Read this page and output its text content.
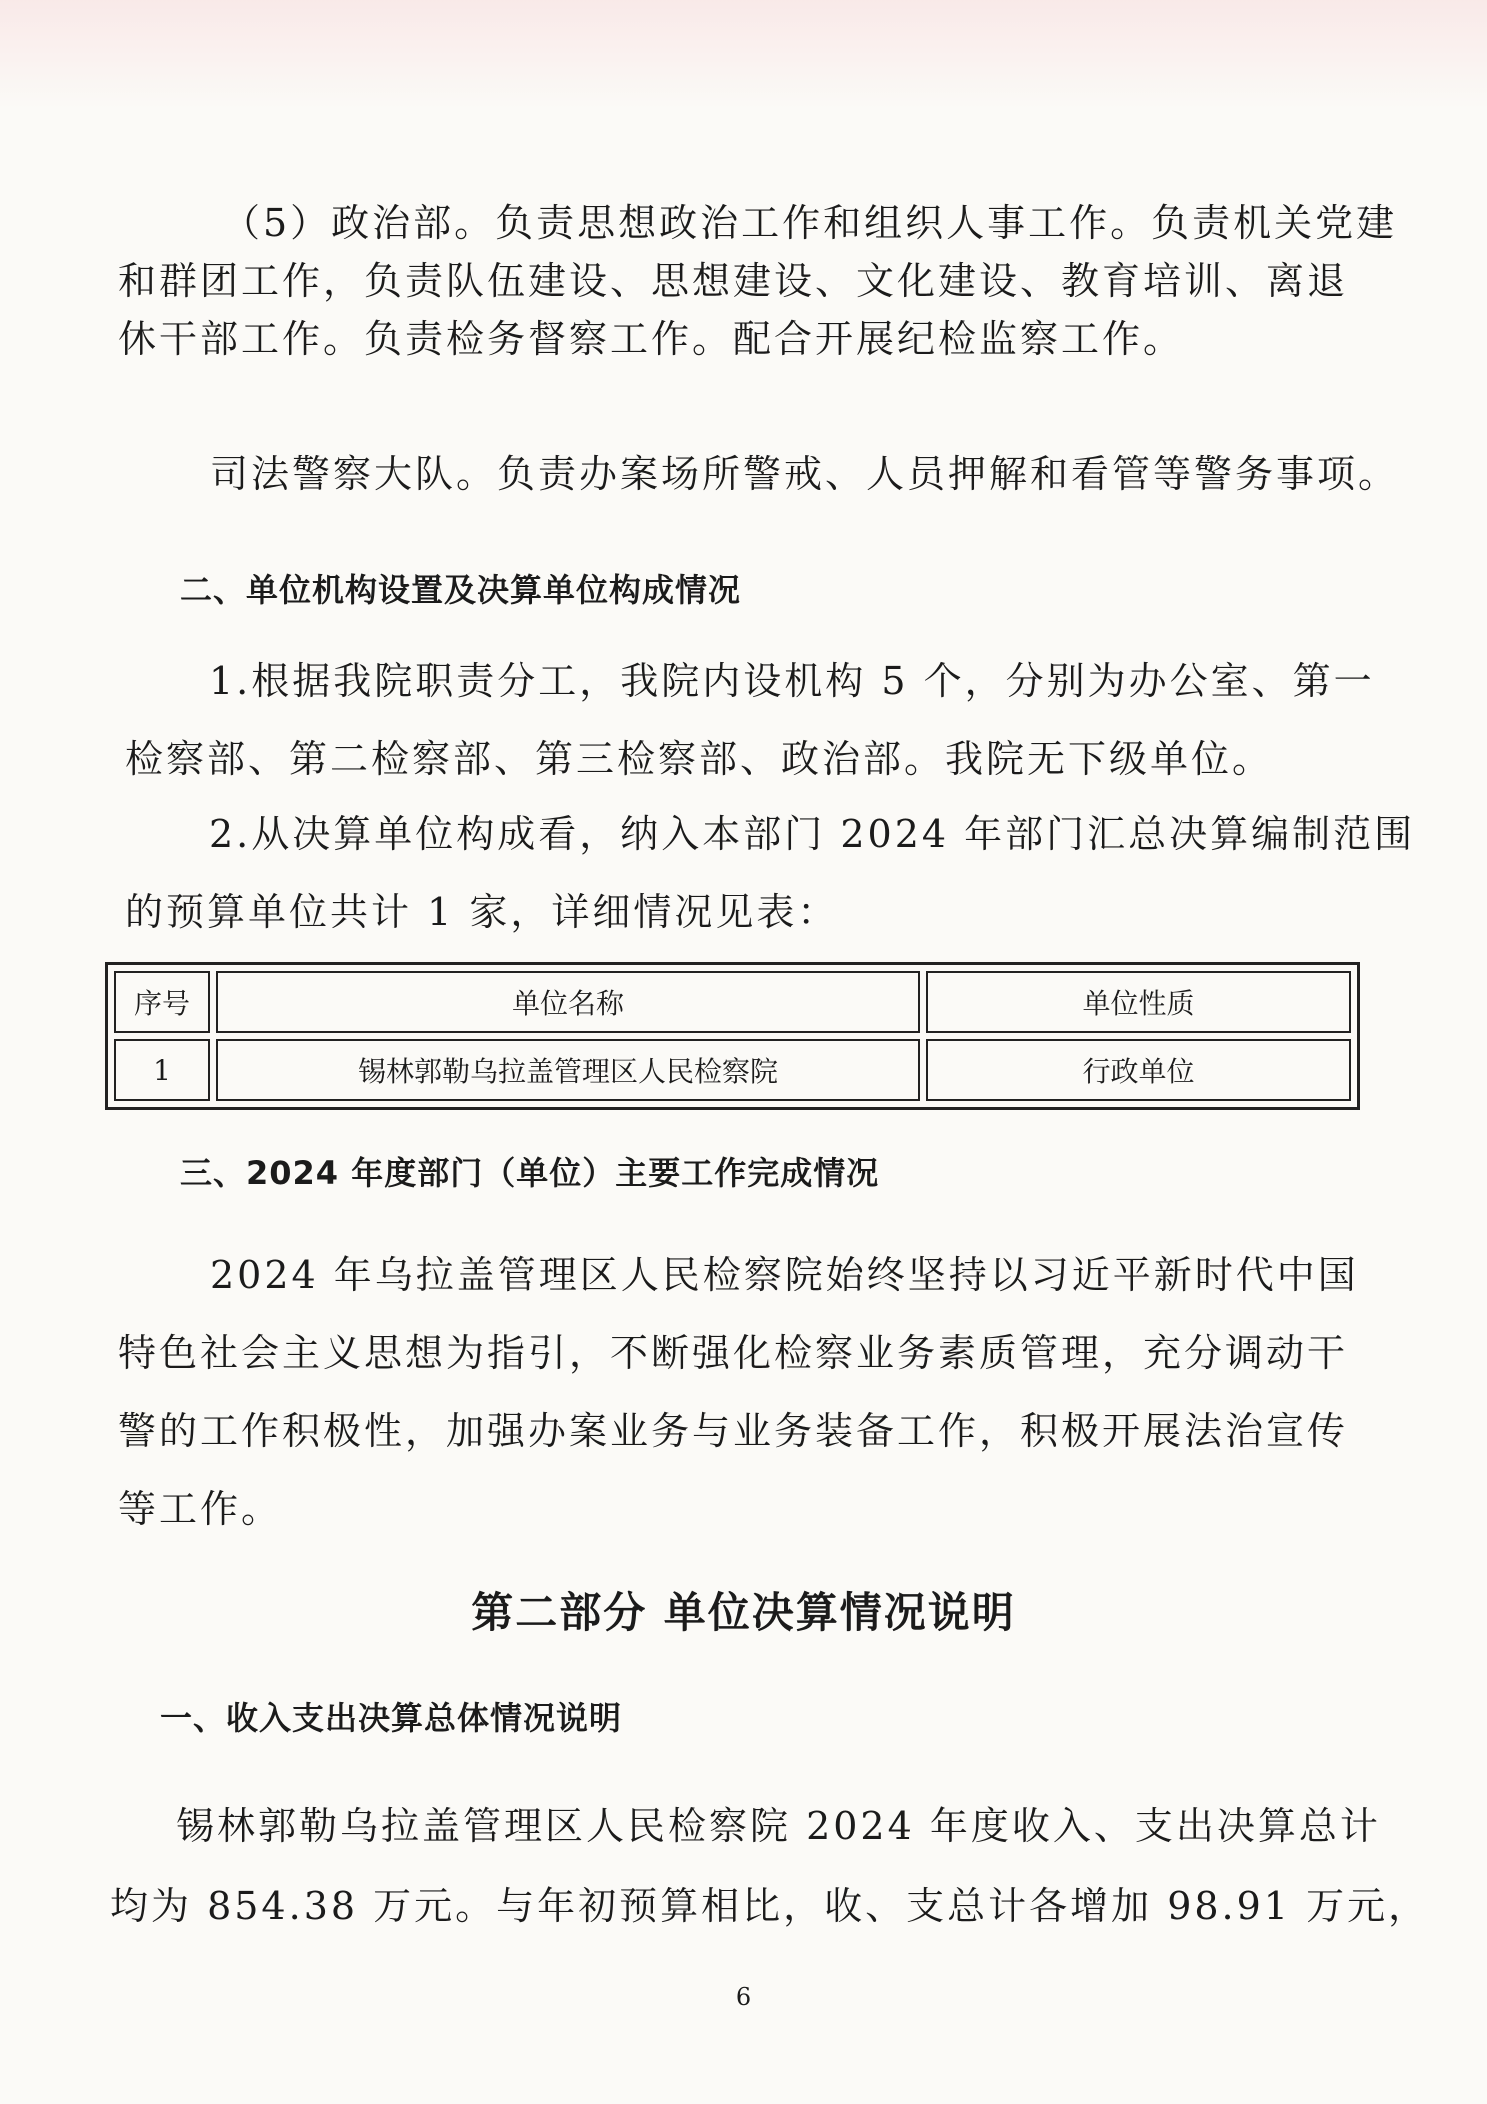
（5）政治部。负责思想政治工作和组织人事工作。负责机关党建
和群团工作，负责队伍建设、思想建设、文化建设、教育培训、离退
休干部工作。负责检务督察工作。配合开展纪检监察工作。
司法警察大队。负责办案场所警戒、人员押解和看管等警务事项。
二、单位机构设置及决算单位构成情况
1.根据我院职责分工，我院内设机构 5 个，分别为办公室、第一
检察部、第二检察部、第三检察部、政治部。我院无下级单位。
2.从决算单位构成看，纳入本部门 2024 年部门汇总决算编制范围
的预算单位共计 1 家，详细情况见表：
序号	单位名称	单位性质
1	锡林郭勒乌拉盖管理区人民检察院	行政单位
三、2024 年度部门（单位）主要工作完成情况
2024 年乌拉盖管理区人民检察院始终坚持以习近平新时代中国
特色社会主义思想为指引，不断强化检察业务素质管理，充分调动干
警的工作积极性，加强办案业务与业务装备工作，积极开展法治宣传
等工作。
第二部分 单位决算情况说明
一、收入支出决算总体情况说明
锡林郭勒乌拉盖管理区人民检察院 2024 年度收入、支出决算总计
均为 854.38 万元。与年初预算相比，收、支总计各增加 98.91 万元，
6
